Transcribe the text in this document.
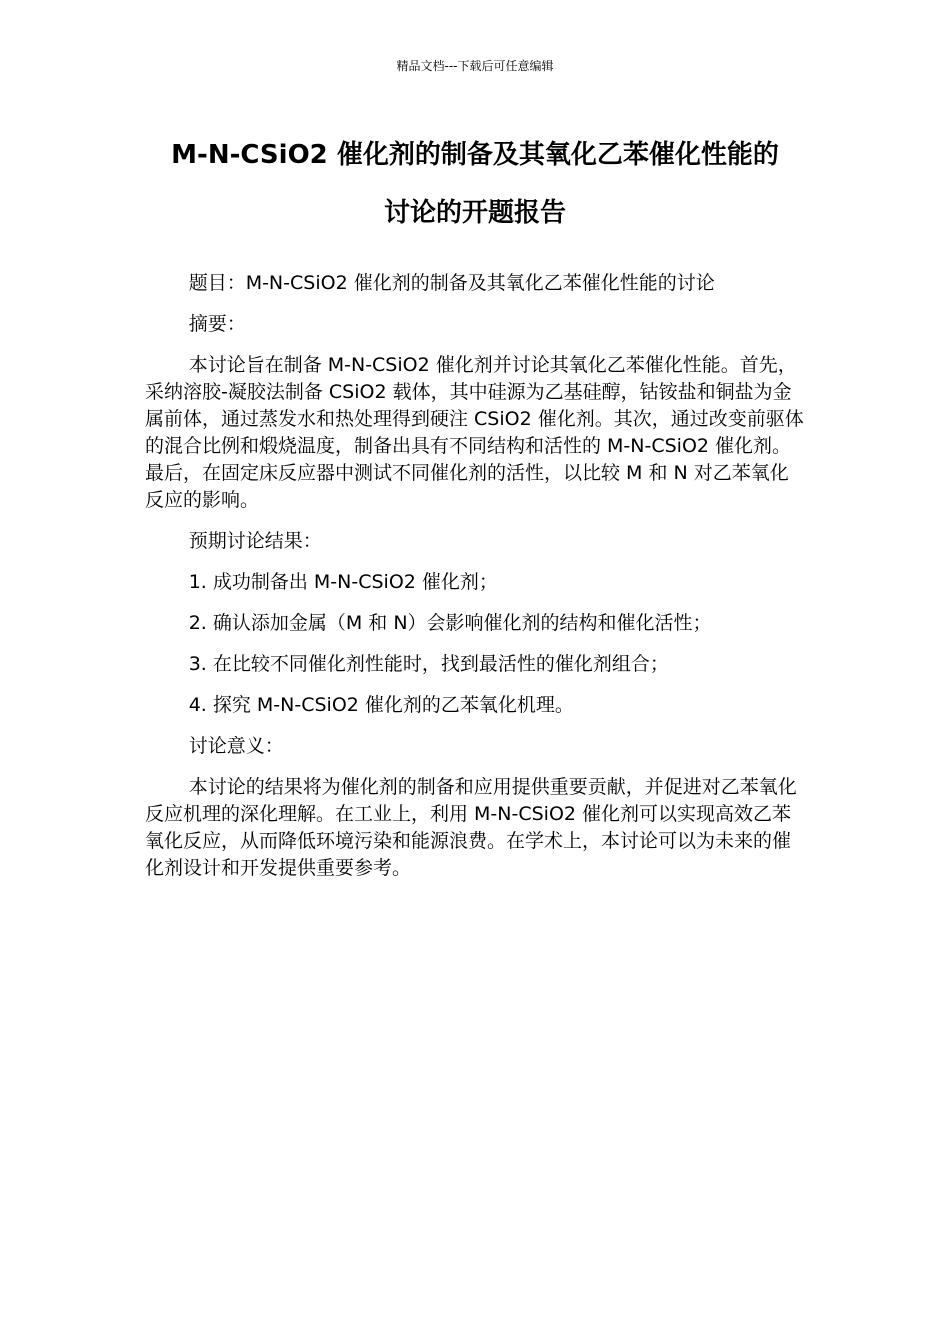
精品文档---下载后可任意编辑
M-N-CSiO2 催化剂的制备及其氧化乙苯催化性能的
讨论的开题报告

题目：M-N-CSiO2 催化剂的制备及其氧化乙苯催化性能的讨论

摘要：

本讨论旨在制备 M-N-CSiO2 催化剂并讨论其氧化乙苯催化性能。首先，采纳溶胶-凝胶法制备 CSiO2 载体，其中硅源为乙基硅醇，钴铵盐和铜盐为金属前体，通过蒸发水和热处理得到硬注 CSiO2 催化剂。其次，通过改变前驱体的混合比例和煅烧温度，制备出具有不同结构和活性的 M-N-CSiO2 催化剂。最后，在固定床反应器中测试不同催化剂的活性，以比较 M 和 N 对乙苯氧化反应的影响。

预期讨论结果：

1. 成功制备出 M-N-CSiO2 催化剂；

2. 确认添加金属（M 和 N）会影响催化剂的结构和催化活性；

3. 在比较不同催化剂性能时，找到最活性的催化剂组合；

4. 探究 M-N-CSiO2 催化剂的乙苯氧化机理。

讨论意义：

本讨论的结果将为催化剂的制备和应用提供重要贡献，并促进对乙苯氧化反应机理的深化理解。在工业上，利用 M-N-CSiO2 催化剂可以实现高效乙苯氧化反应，从而降低环境污染和能源浪费。在学术上，本讨论可以为未来的催化剂设计和开发提供重要参考。
